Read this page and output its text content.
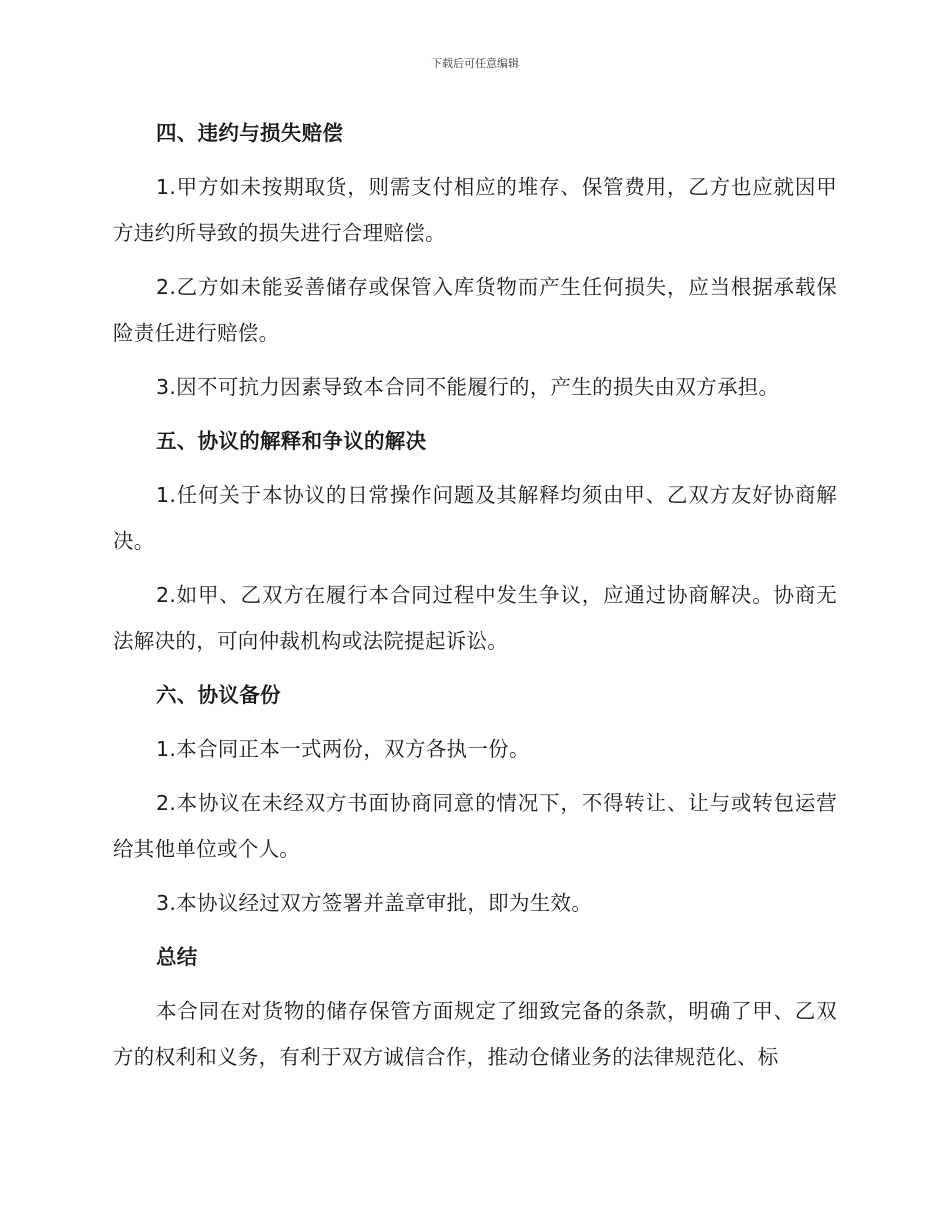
下载后可任意编辑

四、违约与损失赔偿

1.甲方如未按期取货，则需支付相应的堆存、保管费用，乙方也应就因甲方违约所导致的损失进行合理赔偿。

2.乙方如未能妥善储存或保管入库货物而产生任何损失，应当根据承载保险责任进行赔偿。

3.因不可抗力因素导致本合同不能履行的，产生的损失由双方承担。

五、协议的解释和争议的解决

1.任何关于本协议的日常操作问题及其解释均须由甲、乙双方友好协商解决。

2.如甲、乙双方在履行本合同过程中发生争议，应通过协商解决。协商无法解决的，可向仲裁机构或法院提起诉讼。

六、协议备份

1.本合同正本一式两份，双方各执一份。

2.本协议在未经双方书面协商同意的情况下，不得转让、让与或转包运营给其他单位或个人。

3.本协议经过双方签署并盖章审批，即为生效。

总结

本合同在对货物的储存保管方面规定了细致完备的条款，明确了甲、乙双方的权利和义务，有利于双方诚信合作，推动仓储业务的法律规范化、标
